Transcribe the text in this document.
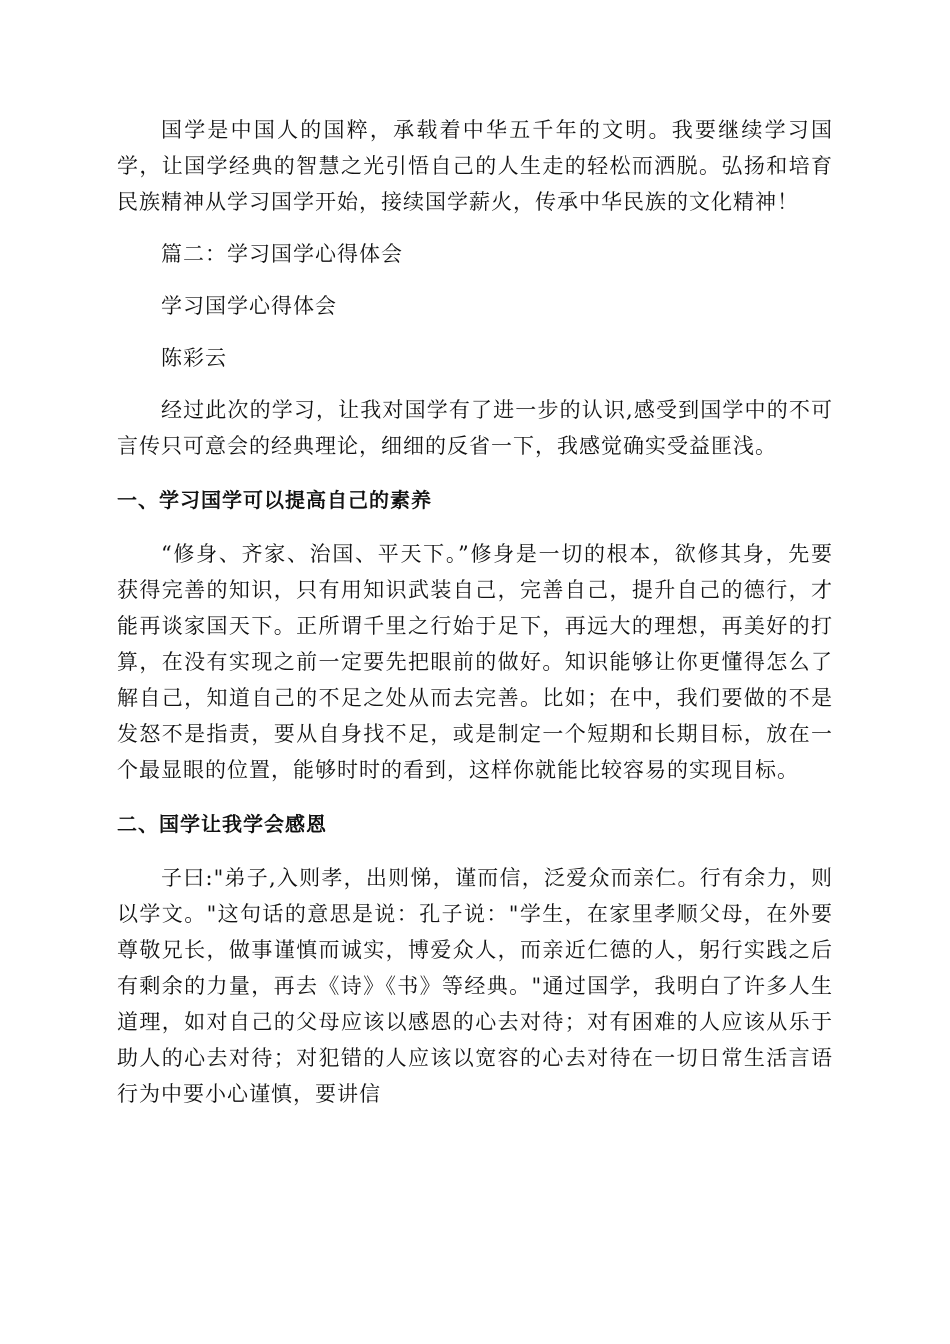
国学是中国人的国粹，承载着中华五千年的文明。我要继续学习国学，让国学经典的智慧之光引悟自己的人生走的轻松而洒脱。弘扬和培育民族精神从学习国学开始，接续国学薪火，传承中华民族的文化精神！

篇二：学习国学心得体会

学习国学心得体会

陈彩云

经过此次的学习，让我对国学有了进一步的认识,感受到国学中的不可言传只可意会的经典理论，细细的反省一下，我感觉确实受益匪浅。

一、学习国学可以提高自己的素养

“修身、齐家、治国、平天下。”修身是一切的根本，欲修其身，先要获得完善的知识，只有用知识武装自己，完善自己，提升自己的德行，才能再谈家国天下。正所谓千里之行始于足下，再远大的理想，再美好的打算，在没有实现之前一定要先把眼前的做好。知识能够让你更懂得怎么了解自己，知道自己的不足之处从而去完善。比如；在中，我们要做的不是发怒不是指责，要从自身找不足，或是制定一个短期和长期目标，放在一个最显眼的位置，能够时时的看到，这样你就能比较容易的实现目标。

二、国学让我学会感恩

子曰:"弟子,入则孝，出则悌，谨而信，泛爱众而亲仁。行有余力，则以学文。"这句话的意思是说：孔子说："学生，在家里孝顺父母，在外要尊敬兄长，做事谨慎而诚实，博爱众人，而亲近仁德的人，躬行实践之后有剩余的力量，再去《诗》《书》等经典。"通过国学，我明白了许多人生道理，如对自己的父母应该以感恩的心去对待；对有困难的人应该从乐于助人的心去对待；对犯错的人应该以宽容的心去对待在一切日常生活言语行为中要小心谨慎，要讲信
